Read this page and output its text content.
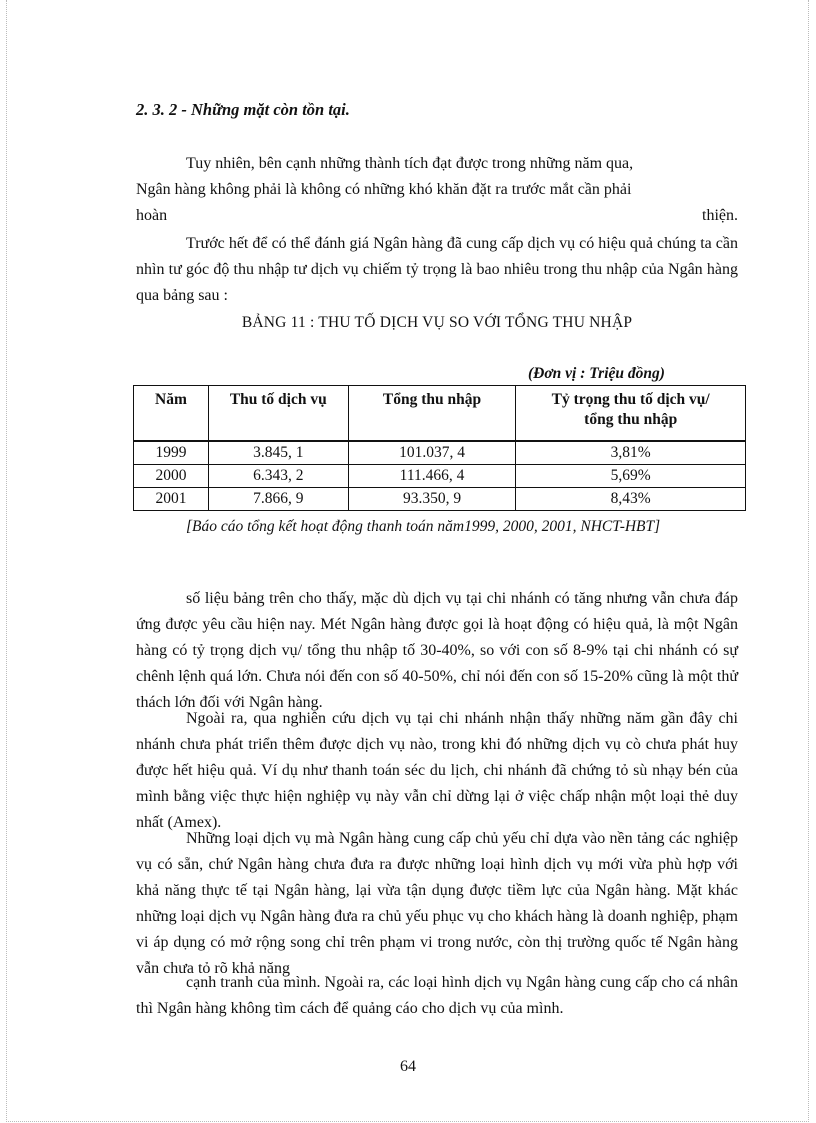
2. 3. 2 - Những mặt còn tồn tại.
Tuy nhiên, bên cạnh những thành tích đạt được trong những năm qua,
Ngân hàng không phải là không có những khó khăn đặt ra trước mắt cần phải
hoàn	thiện.

Trước hết để có thể đánh giá Ngân hàng đã cung cấp dịch vụ có hiệu quả chúng ta cần nhìn tư góc độ thu nhập tư dịch vụ chiếm tỷ trọng là bao nhiêu trong thu nhập của Ngân hàng qua bảng sau :

BẢNG 11 : THU TỐ DỊCH VỤ SO VỚI TỔNG THU NHẬP
(Đơn vị : Triệu đồng)
Năm	Thu tố dịch vụ	Tổng thu nhập	Tỷ trọng thu tố dịch vụ/
tổng thu nhập

1999	3.845, 1	101.037, 4	3,81%
2000	6.343, 2	111.466, 4	5,69%
2001	7.866, 9	93.350, 9	8,43%

[Báo cáo tổng kết hoạt động thanh toán năm1999, 2000, 2001, NHCT-HBT]

số liệu bảng trên cho thấy, mặc dù dịch vụ tại chi nhánh có tăng nhưng vẫn chưa đáp ứng được yêu cầu hiện nay. Mét Ngân hàng được gọi là hoạt động có hiệu quả, là một Ngân hàng có tỷ trọng dịch vụ/ tổng thu nhập tố 30-40%, so với con số 8-9% tại chi nhánh có sự chênh lệnh quá lớn. Chưa nói đến con số 40-50%, chỉ nói đến con số 15-20% cũng là một thử thách lớn đối với Ngân hàng.

Ngoài ra, qua nghiên cứu dịch vụ tại chi nhánh nhận thấy những năm gần đây chi nhánh chưa phát triển thêm được dịch vụ nào, trong khi đó những dịch vụ cò chưa phát huy được hết hiệu quả. Ví dụ như thanh toán séc du lịch, chi nhánh đã chứng tỏ sù nhạy bén của mình bằng việc thực hiện nghiệp vụ này vẫn chỉ dừng lại ở việc chấp nhận một loại thẻ duy nhất (Amex).

Những loại dịch vụ mà Ngân hàng cung cấp chủ yếu chỉ dựa vào nền tảng các nghiệp vụ có sẵn, chứ Ngân hàng chưa đưa ra được những loại hình dịch vụ mới vừa phù hợp với khả năng thực tế tại Ngân hàng, lại vừa tận dụng được tiềm lực của Ngân hàng. Mặt khác những loại dịch vụ Ngân hàng đưa ra chủ yếu phục vụ cho khách hàng là doanh nghiệp, phạm vi áp dụng có mở rộng song chỉ trên phạm vi trong nước, còn thị trường quốc tế Ngân hàng vẫn chưa tỏ rõ khả năng

cạnh tranh của mình. Ngoài ra, các loại hình dịch vụ Ngân hàng cung cấp cho cá nhân thì Ngân hàng không tìm cách để quảng cáo cho dịch vụ của mình.

64
